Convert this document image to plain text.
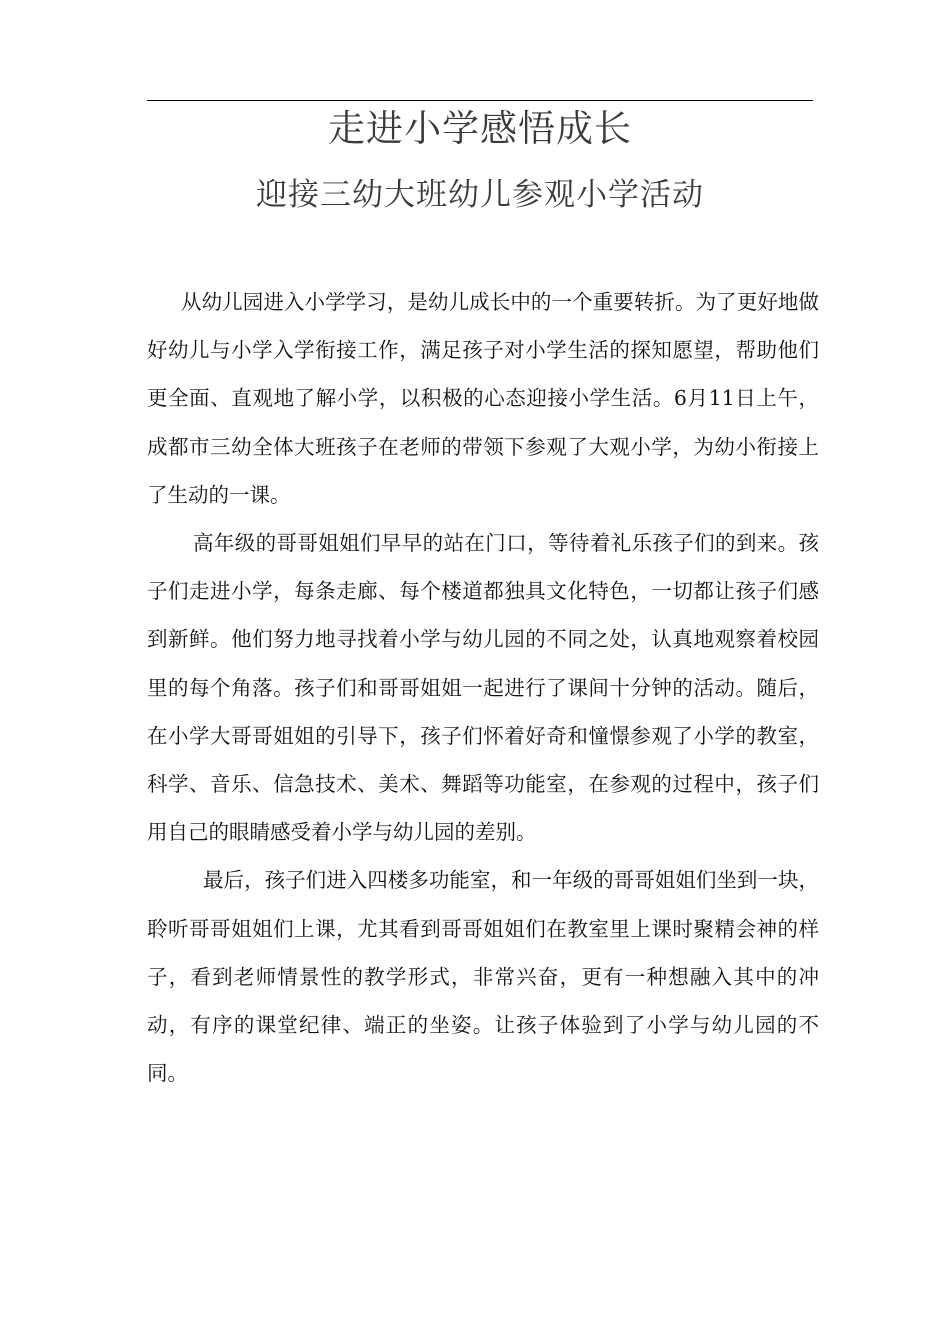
走进小学感悟成长
迎接三幼大班幼儿参观小学活动

从幼儿园进入小学学习，是幼儿成长中的一个重要转折。为了更好地做好幼儿与小学入学衔接工作，满足孩子对小学生活的探知愿望，帮助他们更全面、直观地了解小学，以积极的心态迎接小学生活。6月11日上午，成都市三幼全体大班孩子在老师的带领下参观了大观小学，为幼小衔接上了生动的一课。

高年级的哥哥姐姐们早早的站在门口，等待着礼乐孩子们的到来。孩子们走进小学，每条走廊、每个楼道都独具文化特色，一切都让孩子们感到新鲜。他们努力地寻找着小学与幼儿园的不同之处，认真地观察着校园里的每个角落。孩子们和哥哥姐姐一起进行了课间十分钟的活动。随后，在小学大哥哥姐姐的引导下，孩子们怀着好奇和憧憬参观了小学的教室，科学、音乐、信急技术、美术、舞蹈等功能室，在参观的过程中，孩子们用自己的眼睛感受着小学与幼儿园的差别。

最后，孩子们进入四楼多功能室，和一年级的哥哥姐姐们坐到一块，聆听哥哥姐姐们上课，尤其看到哥哥姐姐们在教室里上课时聚精会神的样子，看到老师情景性的教学形式，非常兴奋，更有一种想融入其中的冲动，有序的课堂纪律、端正的坐姿。让孩子体验到了小学与幼儿园的不同。
